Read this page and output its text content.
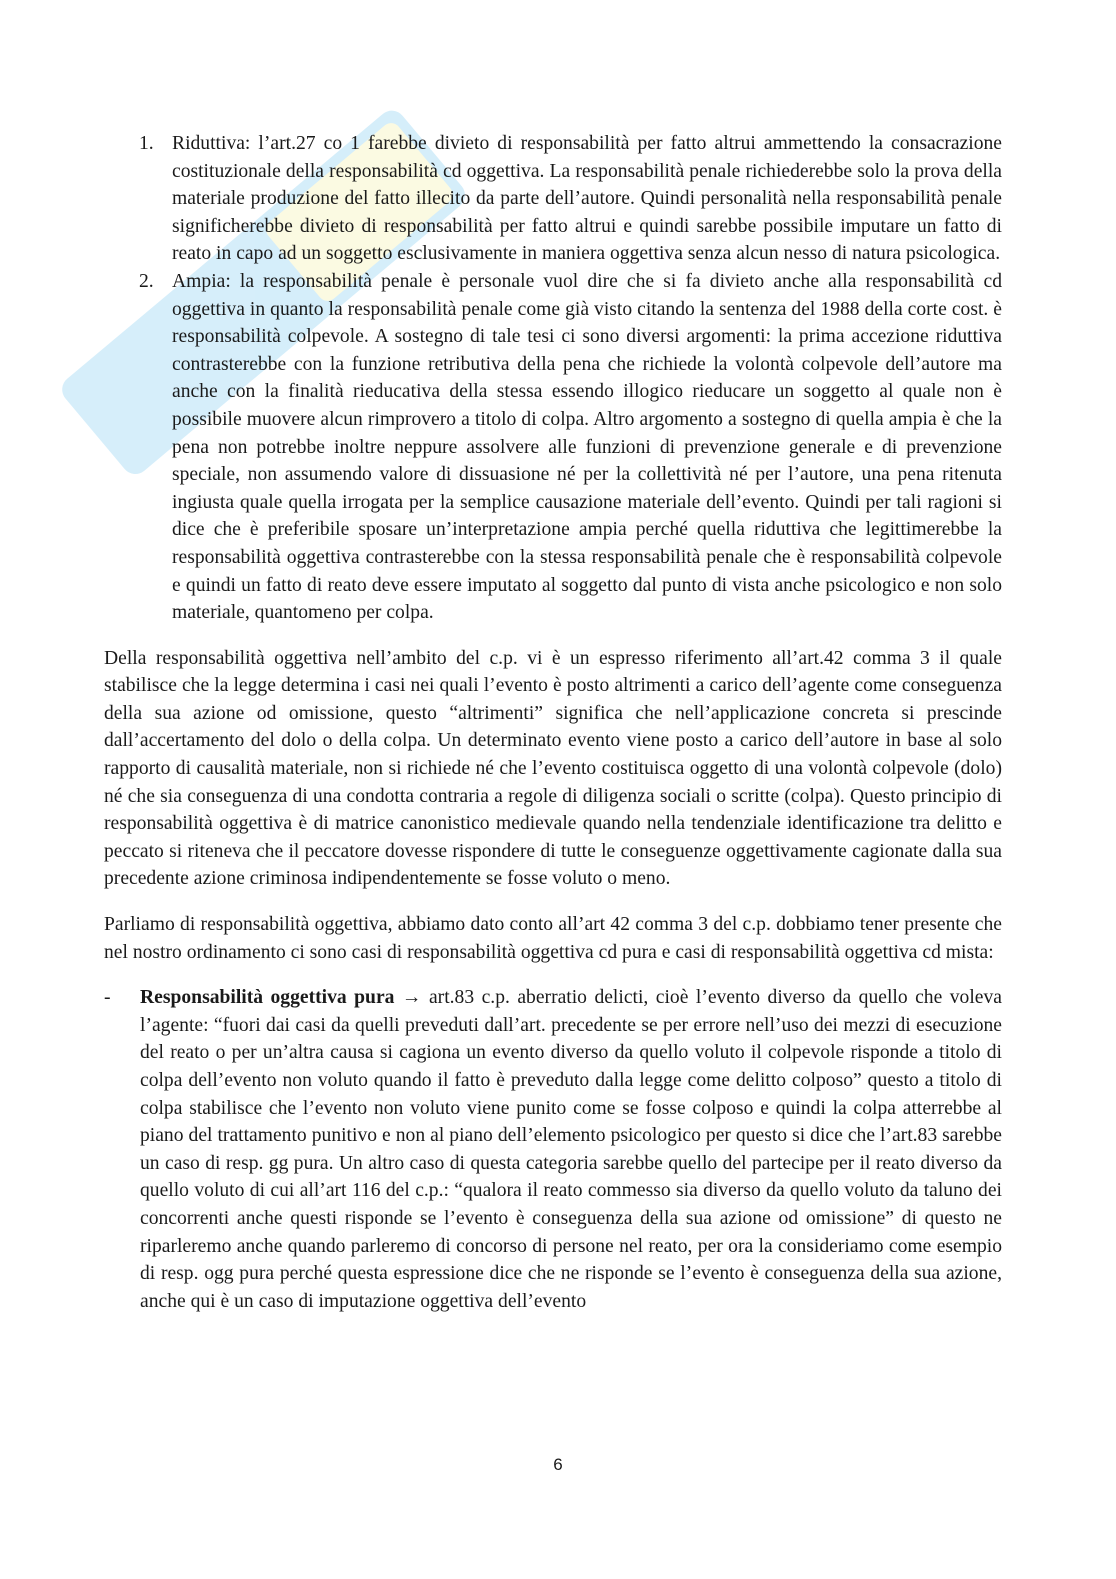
1. Riduttiva: l’art.27 co 1 farebbe divieto di responsabilità per fatto altrui ammettendo la consacrazione costituzionale della responsabilità cd oggettiva. La responsabilità penale richiederebbe solo la prova della materiale produzione del fatto illecito da parte dell’autore. Quindi personalità nella responsabilità penale significherebbe divieto di responsabilità per fatto altrui e quindi sarebbe possibile imputare un fatto di reato in capo ad un soggetto esclusivamente in maniera oggettiva senza alcun nesso di natura psicologica.
2. Ampia: la responsabilità penale è personale vuol dire che si fa divieto anche alla responsabilità cd oggettiva in quanto la responsabilità penale come già visto citando la sentenza del 1988 della corte cost. è responsabilità colpevole. A sostegno di tale tesi ci sono diversi argomenti: la prima accezione riduttiva contrasterebbe con la funzione retributiva della pena che richiede la volontà colpevole dell’autore ma anche con la finalità rieducativa della stessa essendo illogico rieducare un soggetto al quale non è possibile muovere alcun rimprovero a titolo di colpa. Altro argomento a sostegno di quella ampia è che la pena non potrebbe inoltre neppure assolvere alle funzioni di prevenzione generale e di prevenzione speciale, non assumendo valore di dissuasione né per la collettività né per l’autore, una pena ritenuta ingiusta quale quella irrogata per la semplice causazione materiale dell’evento. Quindi per tali ragioni si dice che è preferibile sposare un’interpretazione ampia perché quella riduttiva che legittimerebbe la responsabilità oggettiva contrasterebbe con la stessa responsabilità penale che è responsabilità colpevole e quindi un fatto di reato deve essere imputato al soggetto dal punto di vista anche psicologico e non solo materiale, quantomeno per colpa.

Della responsabilità oggettiva nell’ambito del c.p. vi è un espresso riferimento all’art.42 comma 3 il quale stabilisce che la legge determina i casi nei quali l’evento è posto altrimenti a carico dell’agente come conseguenza della sua azione od omissione, questo “altrimenti” significa che nell’applicazione concreta si prescinde dall’accertamento del dolo o della colpa. Un determinato evento viene posto a carico dell’autore in base al solo rapporto di causalità materiale, non si richiede né che l’evento costituisca oggetto di una volontà colpevole (dolo) né che sia conseguenza di una condotta contraria a regole di diligenza sociali o scritte (colpa). Questo principio di responsabilità oggettiva è di matrice canonistico medievale quando nella tendenziale identificazione tra delitto e peccato si riteneva che il peccatore dovesse rispondere di tutte le conseguenze oggettivamente cagionate dalla sua precedente azione criminosa indipendentemente se fosse voluto o meno.

Parliamo di responsabilità oggettiva, abbiamo dato conto all’art 42 comma 3 del c.p. dobbiamo tener presente che nel nostro ordinamento ci sono casi di responsabilità oggettiva cd pura e casi di responsabilità oggettiva cd mista:

- Responsabilità oggettiva pura → art.83 c.p. aberratio delicti, cioè l’evento diverso da quello che voleva l’agente: “fuori dai casi da quelli preveduti dall’art. precedente se per errore nell’uso dei mezzi di esecuzione del reato o per un’altra causa si cagiona un evento diverso da quello voluto il colpevole risponde a titolo di colpa dell’evento non voluto quando il fatto è preveduto dalla legge come delitto colposo” questo a titolo di colpa stabilisce che l’evento non voluto viene punito come se fosse colposo e quindi la colpa atterrebbe al piano del trattamento punitivo e non al piano dell’elemento psicologico per questo si dice che l’art.83 sarebbe un caso di resp. gg pura. Un altro caso di questa categoria sarebbe quello del partecipe per il reato diverso da quello voluto di cui all’art 116 del c.p.: “qualora il reato commesso sia diverso da quello voluto da taluno dei concorrenti anche questi risponde se l’evento è conseguenza della sua azione od omissione” di questo ne riparleremo anche quando parleremo di concorso di persone nel reato, per ora la consideriamo come esempio di resp. ogg pura perché questa espressione dice che ne risponde se l’evento è conseguenza della sua azione, anche qui è un caso di imputazione oggettiva dell’evento
6
